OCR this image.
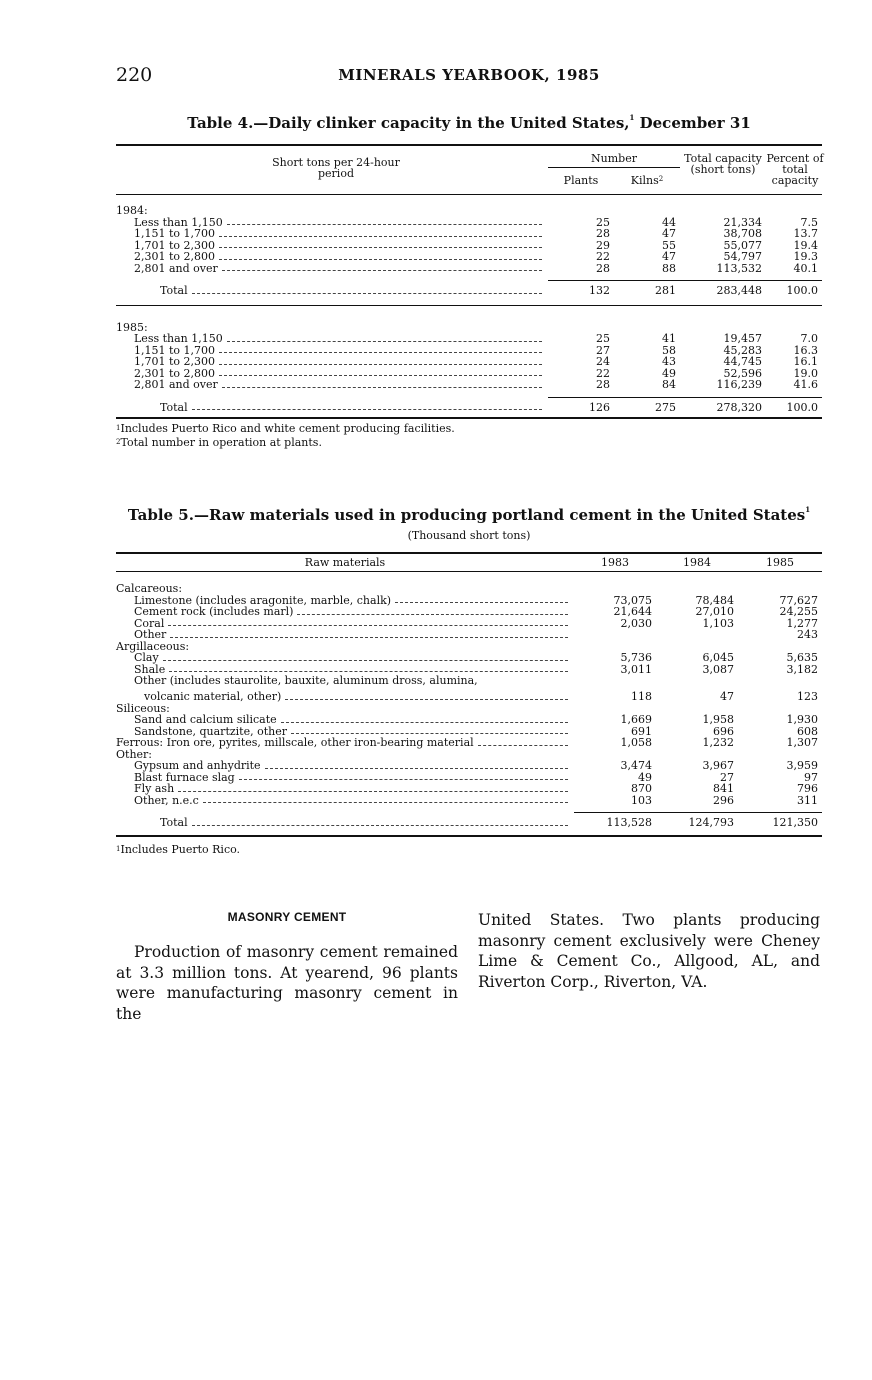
220	MINERALS YEARBOOK, 1985
Table 4.—Daily clinker capacity in the United States,$^1$ December 31
Short tons per 24-hour period
Number
Plants	Kilns$^2$
Total capacity (short tons)
Percent of total capacity
1984:				

Less than 1,150	25	44	21,334	7.5

1,151 to 1,700	28	47	38,708	13.7

1,701 to 2,300	29	55	55,077	19.4

2,301 to 2,800	22	47	54,797	19.3

2,801 and over	28	88	113,532	40.1

Total	132	281	283,448	100.0

1985:				

Less than 1,150	25	41	19,457	7.0

1,151 to 1,700	27	58	45,283	16.3

1,701 to 2,300	24	43	44,745	16.1

2,301 to 2,800	22	49	52,596	19.0

2,801 and over	28	84	116,239	41.6

Total	126	275	278,320	100.0
$^1$Includes Puerto Rico and white cement producing facilities.
$^2$Total number in operation at plants.
Table 5.—Raw materials used in producing portland cement in the United States$^1$
(Thousand short tons)
Raw materials	1983	1984	1985
Calcareous:			

Limestone (includes aragonite, marble, chalk)	73,075	78,484	77,627

Cement rock (includes marl)	21,644	27,010	24,255

Coral	2,030	1,103	1,277

Other			243
Argillaceous:			

Clay	5,736	6,045	5,635

Shale	3,011	3,087	3,182
Other (includes staurolite, bauxite, aluminum dross, alumina,			

volcanic material, other)	118	47	123
Siliceous:			

Sand and calcium silicate	1,669	1,958	1,930

Sandstone, quartzite, other	691	696	608

Ferrous: Iron ore, pyrites, millscale, other iron-bearing material	1,058	1,232	1,307
Other:			

Gypsum and anhydrite	3,474	3,967	3,959

Blast furnace slag	49	27	97

Fly ash	870	841	796

Other, n.e.c	103	296	311

Total	113,528	124,793	121,350
$^1$Includes Puerto Rico.
MASONRY CEMENT

Production of masonry cement remained at 3.3 million tons. At yearend, 96 plants were manufacturing masonry cement in the

United States. Two plants producing masonry cement exclusively were Cheney Lime & Cement Co., Allgood, AL, and Riverton Corp., Riverton, VA.
